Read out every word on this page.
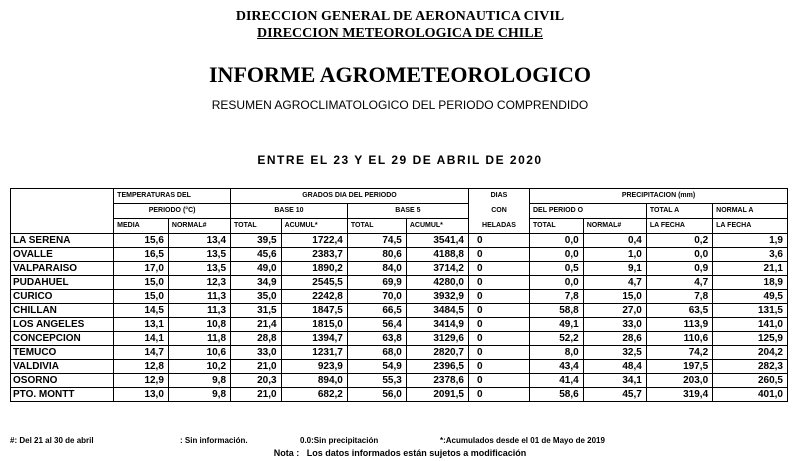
DIRECCION GENERAL DE AERONAUTICA CIVIL
DIRECCION METEOROLOGICA DE CHILE
INFORME AGROMETEOROLOGICO
RESUMEN AGROCLIMATOLOGICO DEL PERIODO COMPRENDIDO
ENTRE EL 23 Y EL 29 DE ABRIL DE 2020
	TEMPERATURAS DEL		GRADOS DIA DEL PERIODO				DIAS	PRECIPITACION (mm)			
	PERIODO (°C)		BASE 10		BASE 5		CON	DEL PERIOD O		TOTAL A	NORMAL A
	MEDIA	NORMAL#	TOTAL	ACUMUL*	TOTAL	ACUMUL*	HELADAS	TOTAL	NORMAL#	LA FECHA	LA FECHA
LA SERENA	15,6	13,4	39,5	1722,4	74,5	3541,4	0	0,0	0,4	0,2	1,9
OVALLE	16,5	13,5	45,6	2383,7	80,6	4188,8	0	0,0	1,0	0,0	3,6
VALPARAISO	17,0	13,5	49,0	1890,2	84,0	3714,2	0	0,5	9,1	0,9	21,1
PUDAHUEL	15,0	12,3	34,9	2545,5	69,9	4280,0	0	0,0	4,7	4,7	18,9
CURICO	15,0	11,3	35,0	2242,8	70,0	3932,9	0	7,8	15,0	7,8	49,5
CHILLAN	14,5	11,3	31,5	1847,5	66,5	3484,5	0	58,8	27,0	63,5	131,5
LOS ANGELES	13,1	10,8	21,4	1815,0	56,4	3414,9	0	49,1	33,0	113,9	141,0
CONCEPCION	14,1	11,8	28,8	1394,7	63,8	3129,6	0	52,2	28,6	110,6	125,9
TEMUCO	14,7	10,6	33,0	1231,7	68,0	2820,7	0	8,0	32,5	74,2	204,2
VALDIVIA	12,8	10,2	21,0	923,9	54,9	2396,5	0	43,4	48,4	197,5	282,3
OSORNO	12,9	9,8	20,3	894,0	55,3	2378,6	0	41,4	34,1	203,0	260,5
PTO. MONTT	13,0	9,8	21,0	682,2	56,0	2091,5	0	58,6	45,7	319,4	401,0
#: Del 21 al 30 de abril	: Sin información.	0.0:Sin precipitación	*:Acumulados desde el 01 de Mayo de 2019
Nota : Los datos informados están sujetos a modificación
